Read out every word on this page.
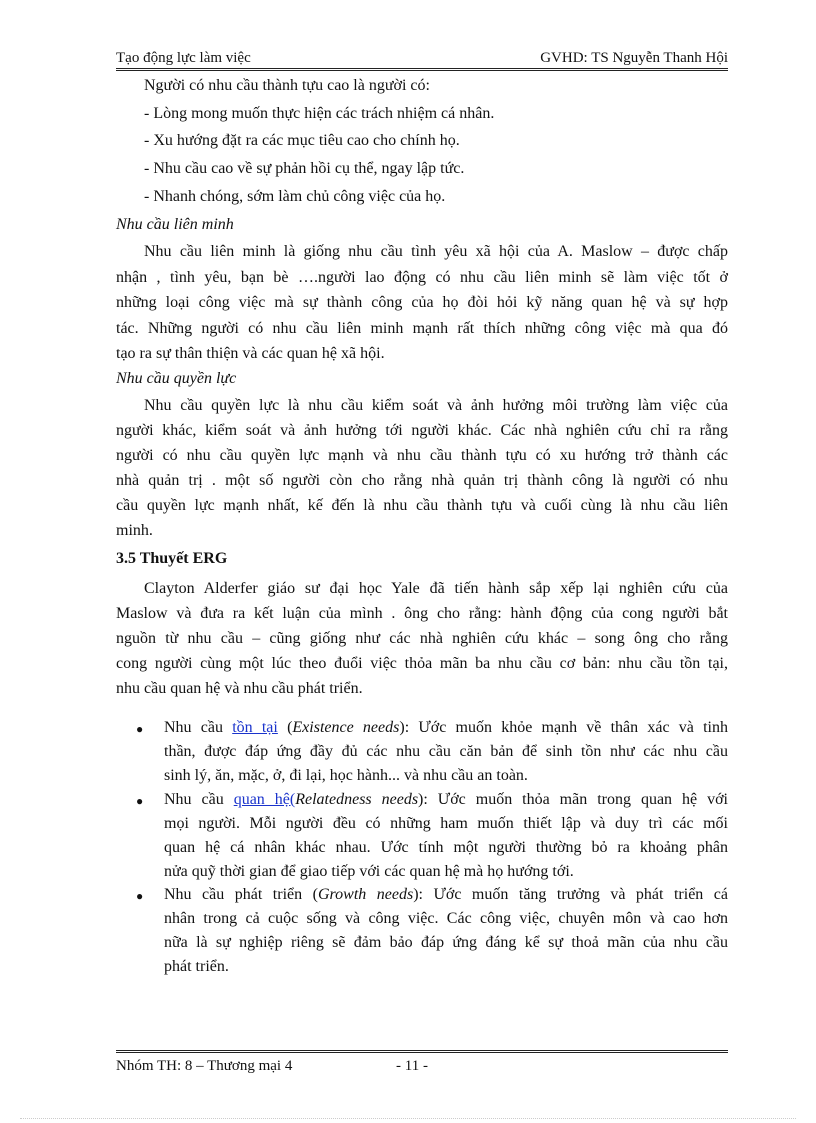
Tạo động lực làm việc	GVHD: TS Nguyễn Thanh Hội
Người có nhu cầu thành tựu cao là người có:
- Lòng mong muốn thực hiện các trách nhiệm cá nhân.
- Xu hướng đặt ra các mục tiêu cao cho chính họ.
- Nhu cầu cao về sự phản hồi cụ thể, ngay lập tức.
- Nhanh chóng, sớm làm chủ công việc của họ.
Nhu cầu liên minh
Nhu cầu liên minh là giống nhu cầu tình yêu xã hội của A. Maslow – được chấp
nhận , tình yêu, bạn bè ….người lao động có nhu cầu liên minh sẽ làm việc tốt ở
những loại công việc mà sự thành công của họ đòi hỏi kỹ năng quan hệ và sự hợp
tác. Những người có nhu cầu liên minh mạnh rất thích những công việc mà qua đó
tạo ra sự thân thiện và các quan hệ xã hội.
Nhu cầu quyền lực
Nhu cầu quyền lực là nhu cầu kiểm soát và ảnh hưởng môi trường làm việc của
người khác, kiểm soát và ảnh hưởng tới người khác. Các nhà nghiên cứu chỉ ra rằng
người có nhu cầu quyền lực mạnh và nhu cầu thành tựu có xu hướng trở thành các
nhà quản trị . một số người còn cho rằng nhà quản trị thành công là người có nhu
cầu quyền lực mạnh nhất, kế đến là nhu cầu thành tựu và cuối cùng là nhu cầu liên
minh.
3.5 Thuyết ERG
Clayton Alderfer giáo sư đại học Yale đã tiến hành sắp xếp lại nghiên cứu của
Maslow và đưa ra kết luận của mình . ông cho rằng: hành động của cong người bắt
nguồn từ nhu cầu – cũng giống như các nhà nghiên cứu khác – song ông cho rằng
cong người cùng một lúc theo đuổi việc thỏa mãn ba nhu cầu cơ bản: nhu cầu tồn tại,
nhu cầu quan hệ và nhu cầu phát triển.
● Nhu cầu tồn tại (Existence needs): Ước muốn khỏe mạnh về thân xác và tinh
thần, được đáp ứng đầy đủ các nhu cầu căn bản để sinh tồn như các nhu cầu
sinh lý, ăn, mặc, ở, đi lại, học hành... và nhu cầu an toàn.
● Nhu cầu quan hệ(Relatedness needs): Ước muốn thỏa mãn trong quan hệ với
mọi người. Mỗi người đều có những ham muốn thiết lập và duy trì các mối
quan hệ cá nhân khác nhau. Ước tính một người thường bỏ ra khoảng phân
nửa quỹ thời gian để giao tiếp với các quan hệ mà họ hướng tới.
● Nhu cầu phát triển (Growth needs): Ước muốn tăng trưởng và phát triển cá
nhân trong cả cuộc sống và công việc. Các công việc, chuyên môn và cao hơn
nữa là sự nghiệp riêng sẽ đảm bảo đáp ứng đáng kể sự thoả mãn của nhu cầu
phát triển.
Nhóm TH: 8 – Thương mại 4	- 11 -
